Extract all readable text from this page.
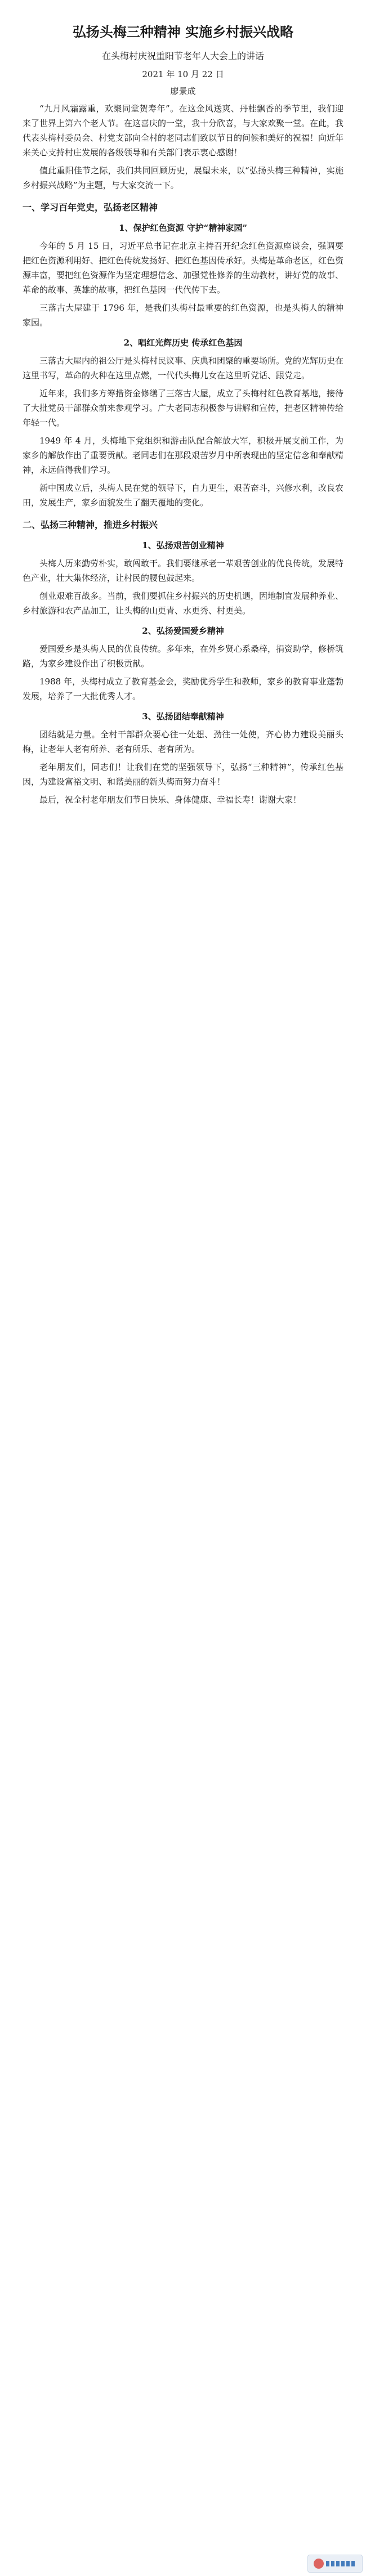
弘扬头梅三种精神 实施乡村振兴战略
在头梅村庆祝重阳节老年人大会上的讲话
2021 年 10 月 22 日
廖景成

“九月风霜露重，欢聚同堂贺寿年”。在这金风送爽、丹桂飘香的季节里，我们迎来了世界上第六个老人节。在这喜庆的一堂，我十分欣喜，与大家欢聚一堂。在此，我代表头梅村委员会、村党支部向全村的老同志们致以节日的问候和美好的祝福！向近年来关心支持村庄发展的各级领导和有关部门表示衷心感谢！

值此重阳佳节之际，我们共同回顾历史，展望未来，以“弘扬头梅三种精神，实施乡村振兴战略”为主题，与大家交流一下。

一、学习百年党史，弘扬老区精神
1、保护红色资源 守护“精神家园”

今年的 5 月 15 日，习近平总书记在北京主持召开纪念红色资源座谈会，强调要把红色资源利用好、把红色传统发扬好、把红色基因传承好。头梅是革命老区，红色资源丰富，要把红色资源作为坚定理想信念、加强党性修养的生动教材，讲好党的故事、革命的故事、英雄的故事，把红色基因一代代传下去。

三落古大屋建于 1796 年，是我们头梅村最重要的红色资源，也是头梅人的精神家园。

2、唱红光辉历史 传承红色基因

三落古大屋内的祖公厅是头梅村民议事、庆典和团聚的重要场所。党的光辉历史在这里书写，革命的火种在这里点燃，一代代头梅儿女在这里听党话、跟党走。

近年来，我们多方筹措资金修缮了三落古大屋，成立了头梅村红色教育基地，接待了大批党员干部群众前来参观学习。广大老同志积极参与讲解和宣传，把老区精神传给年轻一代。

1949 年 4 月，头梅地下党组织和游击队配合解放大军，积极开展支前工作，为家乡的解放作出了重要贡献。老同志们在那段艰苦岁月中所表现出的坚定信念和奉献精神，永远值得我们学习。

新中国成立后，头梅人民在党的领导下，自力更生，艰苦奋斗，兴修水利，改良农田，发展生产，家乡面貌发生了翻天覆地的变化。

二、弘扬三种精神，推进乡村振兴
1、弘扬艰苦创业精神

头梅人历来勤劳朴实，敢闯敢干。我们要继承老一辈艰苦创业的优良传统，发展特色产业，壮大集体经济，让村民的腰包鼓起来。

创业艰难百战多。当前，我们要抓住乡村振兴的历史机遇，因地制宜发展种养业、乡村旅游和农产品加工，让头梅的山更青、水更秀、村更美。

2、弘扬爱国爱乡精神

爱国爱乡是头梅人民的优良传统。多年来，在外乡贤心系桑梓，捐资助学，修桥筑路，为家乡建设作出了积极贡献。

1988 年，头梅村成立了教育基金会，奖励优秀学生和教师，家乡的教育事业蓬勃发展，培养了一大批优秀人才。

3、弘扬团结奉献精神

团结就是力量。全村干部群众要心往一处想、劲往一处使，齐心协力建设美丽头梅，让老年人老有所养、老有所乐、老有所为。

老年朋友们，同志们！让我们在党的坚强领导下，弘扬“三种精神”，传承红色基因，为建设富裕文明、和谐美丽的新头梅而努力奋斗！

最后，祝全村老年朋友们节日快乐、身体健康、幸福长寿！谢谢大家！
